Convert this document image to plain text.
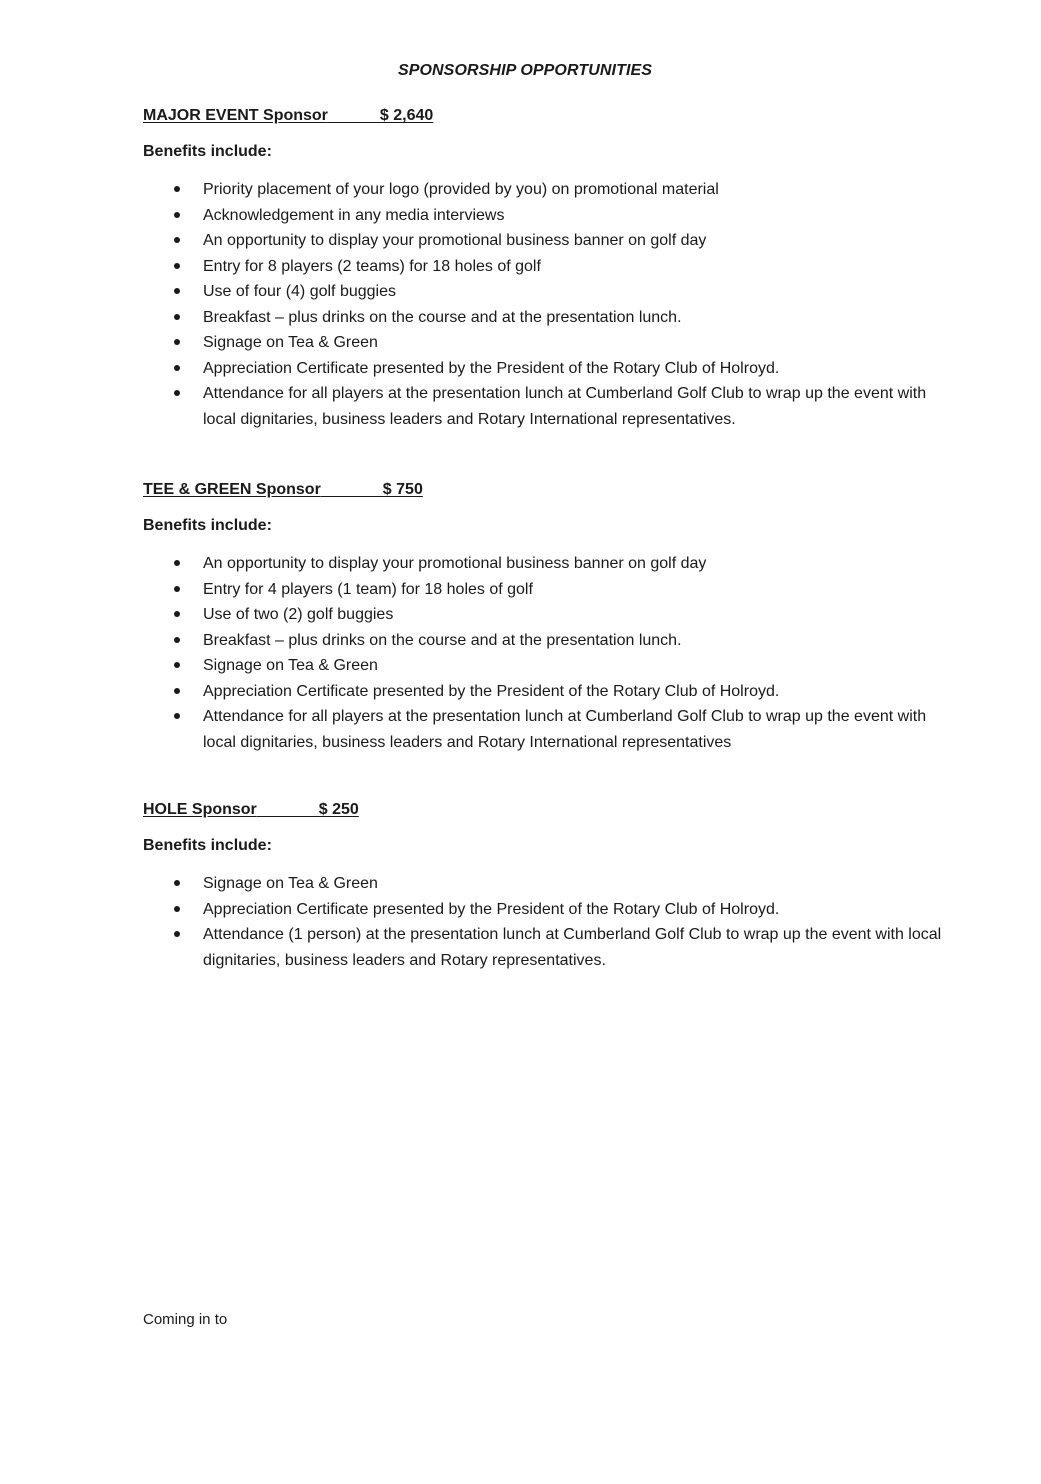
SPONSORSHIP OPPORTUNITIES
MAJOR EVENT Sponsor	$ 2,640

Benefits include:

Priority placement of your logo (provided by you) on promotional material
Acknowledgement in any media interviews
An opportunity to display your promotional business banner on golf day
Entry for 8 players (2 teams) for 18 holes of golf
Use of four (4) golf buggies
Breakfast – plus drinks on the course and at the presentation lunch.
Signage on Tea & Green
Appreciation Certificate presented by the President of the Rotary Club of Holroyd.
Attendance for all players at the presentation lunch at Cumberland Golf Club to wrap up the event with local dignitaries, business leaders and Rotary International representatives.
TEE & GREEN Sponsor	$ 750

Benefits include:

An opportunity to display your promotional business banner on golf day
Entry for 4 players (1 team) for 18 holes of golf
Use of two (2) golf buggies
Breakfast – plus drinks on the course and at the presentation lunch.
Signage on Tea & Green
Appreciation Certificate presented by the President of the Rotary Club of Holroyd.
Attendance for all players at the presentation lunch at Cumberland Golf Club to wrap up the event with local dignitaries, business leaders and Rotary International representatives
HOLE Sponsor	$ 250

Benefits include:

Signage on Tea & Green
Appreciation Certificate presented by the President of the Rotary Club of Holroyd.
Attendance (1 person) at the presentation lunch at Cumberland Golf Club to wrap up the event with local dignitaries, business leaders and Rotary representatives.

Coming in to
